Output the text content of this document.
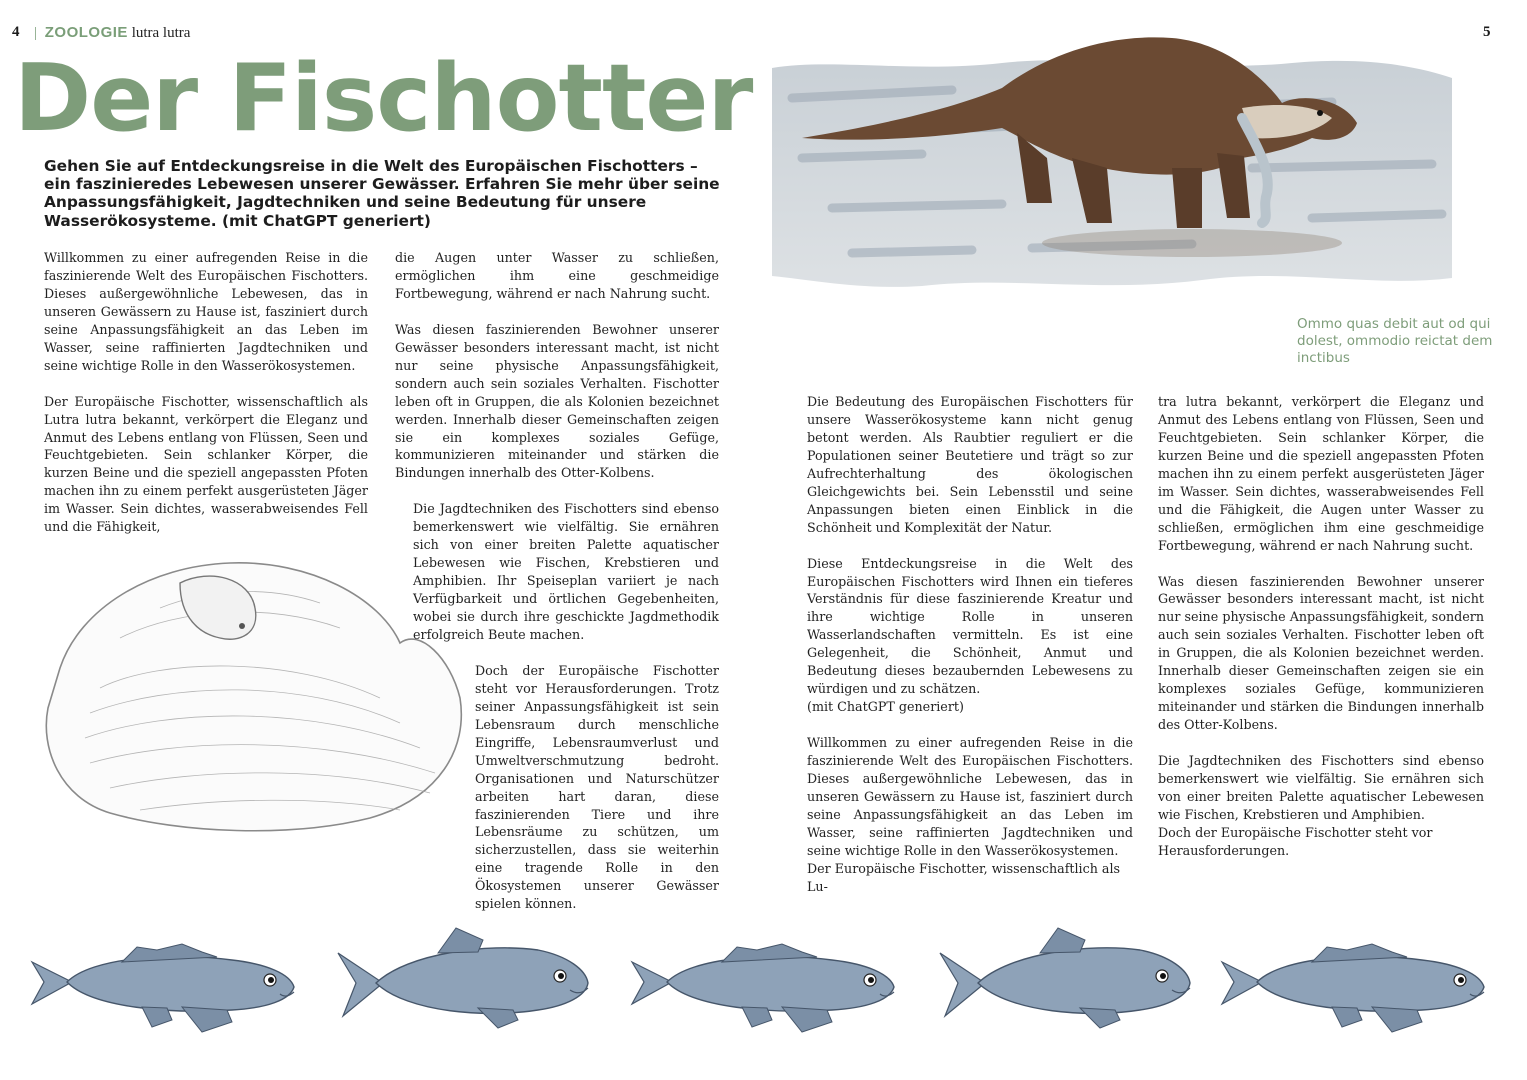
4 | ZOOLOGIE lutra lutra	5
Der Fischotter
Gehen Sie auf Entdeckungsreise in die Welt des Europäischen Fischotters – ein faszinieredes Lebewesen unserer Gewässer. Erfahren Sie mehr über seine Anpassungsfähigkeit, Jagdtechniken und seine Bedeutung für unsere Wasserökosysteme. (mit ChatGPT generiert)
Ommo quas debit aut od qui dolest, ommodio reictat dem inctibus

Willkommen zu einer aufregenden Reise in die faszinierende Welt des Europäischen Fischotters. Dieses außergewöhnliche Lebewesen, das in unseren Gewässern zu Hause ist, fasziniert durch seine Anpassungsfähigkeit an das Leben im Wasser, seine raffinierten Jagdtechniken und seine wichtige Rolle in den Wasserökosystemen.

Der Europäische Fischotter, wissenschaftlich als Lutra lutra bekannt, verkörpert die Eleganz und Anmut des Lebens entlang von Flüssen, Seen und Feuchtgebieten. Sein schlanker Körper, die kurzen Beine und die speziell angepassten Pfoten machen ihn zu einem perfekt ausgerüsteten Jäger im Wasser. Sein dichtes, wasserabweisendes Fell und die Fähigkeit,

die Augen unter Wasser zu schließen, ermöglichen ihm eine geschmeidige Fortbewegung, während er nach Nahrung sucht.

Was diesen faszinierenden Bewohner unserer Gewässer besonders interessant macht, ist nicht nur seine physische Anpassungsfähigkeit, sondern auch sein soziales Verhalten. Fischotter leben oft in Gruppen, die als Kolonien bezeichnet werden. Innerhalb dieser Gemeinschaften zeigen sie ein komplexes soziales Gefüge, kommunizieren miteinander und stärken die Bindungen innerhalb des Otter-Kolbens.

Die Jagdtechniken des Fischotters sind ebenso bemerkenswert wie vielfältig. Sie ernähren sich von einer breiten Palette aquatischer Lebewesen wie Fischen, Krebstieren und Amphibien. Ihr Speiseplan variiert je nach Verfügbarkeit und örtlichen Gegebenheiten, wobei sie durch ihre geschickte Jagdmethodik erfolgreich Beute machen.

Doch der Europäische Fischotter steht vor Herausforderungen. Trotz seiner Anpassungsfähigkeit ist sein Lebensraum durch menschliche Eingriffe, Lebensraumverlust und Umweltverschmutzung bedroht. Organisationen und Naturschützer arbeiten hart daran, diese faszinierenden Tiere und ihre Lebensräume zu schützen, um sicherzustellen, dass sie weiterhin eine tragende Rolle in den Ökosystemen unserer Gewässer spielen können.

Die Bedeutung des Europäischen Fischotters für unsere Wasserökosysteme kann nicht genug betont werden. Als Raubtier reguliert er die Populationen seiner Beutetiere und trägt so zur Aufrechterhaltung des ökologischen Gleichgewichts bei. Sein Lebensstil und seine Anpassungen bieten einen Einblick in die Schönheit und Komplexität der Natur.

Diese Entdeckungsreise in die Welt des Europäischen Fischotters wird Ihnen ein tieferes Verständnis für diese faszinierende Kreatur und ihre wichtige Rolle in unseren Wasserlandschaften vermitteln. Es ist eine Gelegenheit, die Schönheit, Anmut und Bedeutung dieses bezaubernden Lebewesens zu würdigen und zu schätzen.

(mit ChatGPT generiert)

Willkommen zu einer aufregenden Reise in die faszinierende Welt des Europäischen Fischotters. Dieses außergewöhnliche Lebewesen, das in unseren Gewässern zu Hause ist, fasziniert durch seine Anpassungsfähigkeit an das Leben im Wasser, seine raffinierten Jagdtechniken und seine wichtige Rolle in den Wasserökosystemen.

Der Europäische Fischotter, wissenschaftlich als Lu-

tra lutra bekannt, verkörpert die Eleganz und Anmut des Lebens entlang von Flüssen, Seen und Feuchtgebieten. Sein schlanker Körper, die kurzen Beine und die speziell angepassten Pfoten machen ihn zu einem perfekt ausgerüsteten Jäger im Wasser. Sein dichtes, wasserabweisendes Fell und die Fähigkeit, die Augen unter Wasser zu schließen, ermöglichen ihm eine geschmeidige Fortbewegung, während er nach Nahrung sucht.

Was diesen faszinierenden Bewohner unserer Gewässer besonders interessant macht, ist nicht nur seine physische Anpassungsfähigkeit, sondern auch sein soziales Verhalten. Fischotter leben oft in Gruppen, die als Kolonien bezeichnet werden. Innerhalb dieser Gemeinschaften zeigen sie ein komplexes soziales Gefüge, kommunizieren miteinander und stärken die Bindungen innerhalb des Otter-Kolbens.

Die Jagdtechniken des Fischotters sind ebenso bemerkenswert wie vielfältig. Sie ernähren sich von einer breiten Palette aquatischer Lebewesen wie Fischen, Krebstieren und Amphibien.

Doch der Europäische Fischotter steht vor Herausforderungen.
